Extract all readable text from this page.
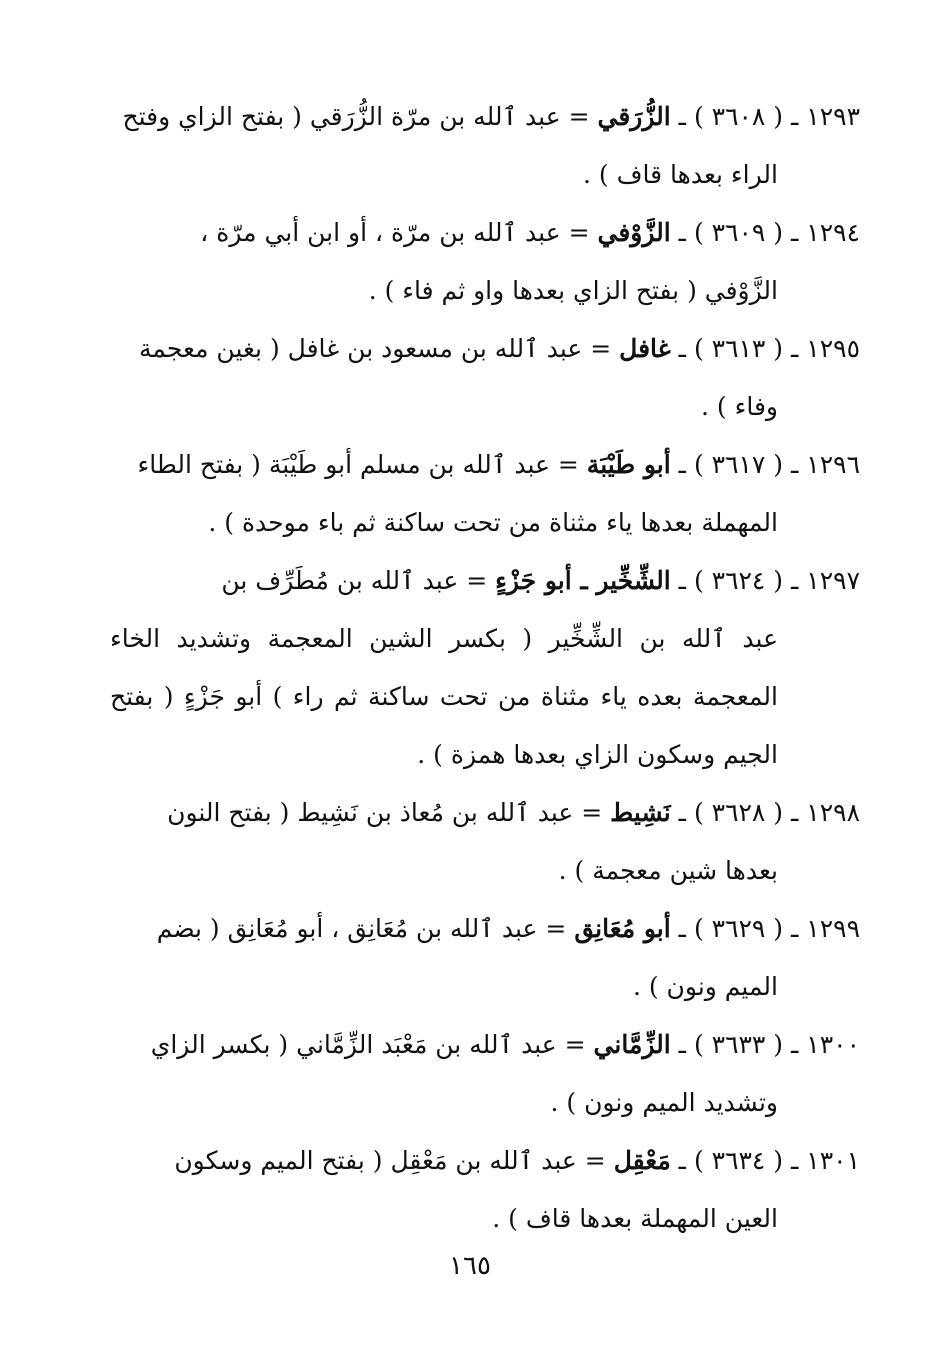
١٢٩٣ ـ ( ٣٦٠٨ ) ـ الزُّرَقي = عبد ٱلله بن مرّة الزُّرَقي ( بفتح الزاي وفتح
الراء بعدها قاف ) .
١٢٩٤ ـ ( ٣٦٠٩ ) ـ الزَّوْفي = عبد ٱلله بن مرّة ، أو ابن أبي مرّة ،
الزَّوْفي ( بفتح الزاي بعدها واو ثم فاء ) .
١٢٩٥ ـ ( ٣٦١٣ ) ـ غافل = عبد ٱلله بن مسعود بن غافل ( بغين معجمة
وفاء ) .
١٢٩٦ ـ ( ٣٦١٧ ) ـ أبو طَيْبَة = عبد ٱلله بن مسلم أبو طَيْبَة ( بفتح الطاء
المهملة بعدها ياء مثناة من تحت ساكنة ثم باء موحدة ) .
١٢٩٧ ـ ( ٣٦٢٤ ) ـ الشِّخِّير ـ أبو جَزْءٍ = عبد ٱلله بن مُطَرِّف بن
عبد ٱلله بن الشِّخِّير ( بكسر الشين المعجمة وتشديد الخاء المعجمة بعده ياء مثناة من تحت ساكنة ثم راء ) أبو جَزْءٍ ( بفتح الجيم وسكون الزاي بعدها همزة ) .
١٢٩٨ ـ ( ٣٦٢٨ ) ـ نَشِيط = عبد ٱلله بن مُعاذ بن نَشِيط ( بفتح النون
بعدها شين معجمة ) .
١٢٩٩ ـ ( ٣٦٢٩ ) ـ أبو مُعَانِق = عبد ٱلله بن مُعَانِق ، أبو مُعَانِق ( بضم
الميم ونون ) .
١٣٠٠ ـ ( ٣٦٣٣ ) ـ الزِّمَّاني = عبد ٱلله بن مَعْبَد الزِّمَّاني ( بكسر الزاي
وتشديد الميم ونون ) .
١٣٠١ ـ ( ٣٦٣٤ ) ـ مَعْقِل = عبد ٱلله بن مَعْقِل ( بفتح الميم وسكون
العين المهملة بعدها قاف ) .
١٦٥
